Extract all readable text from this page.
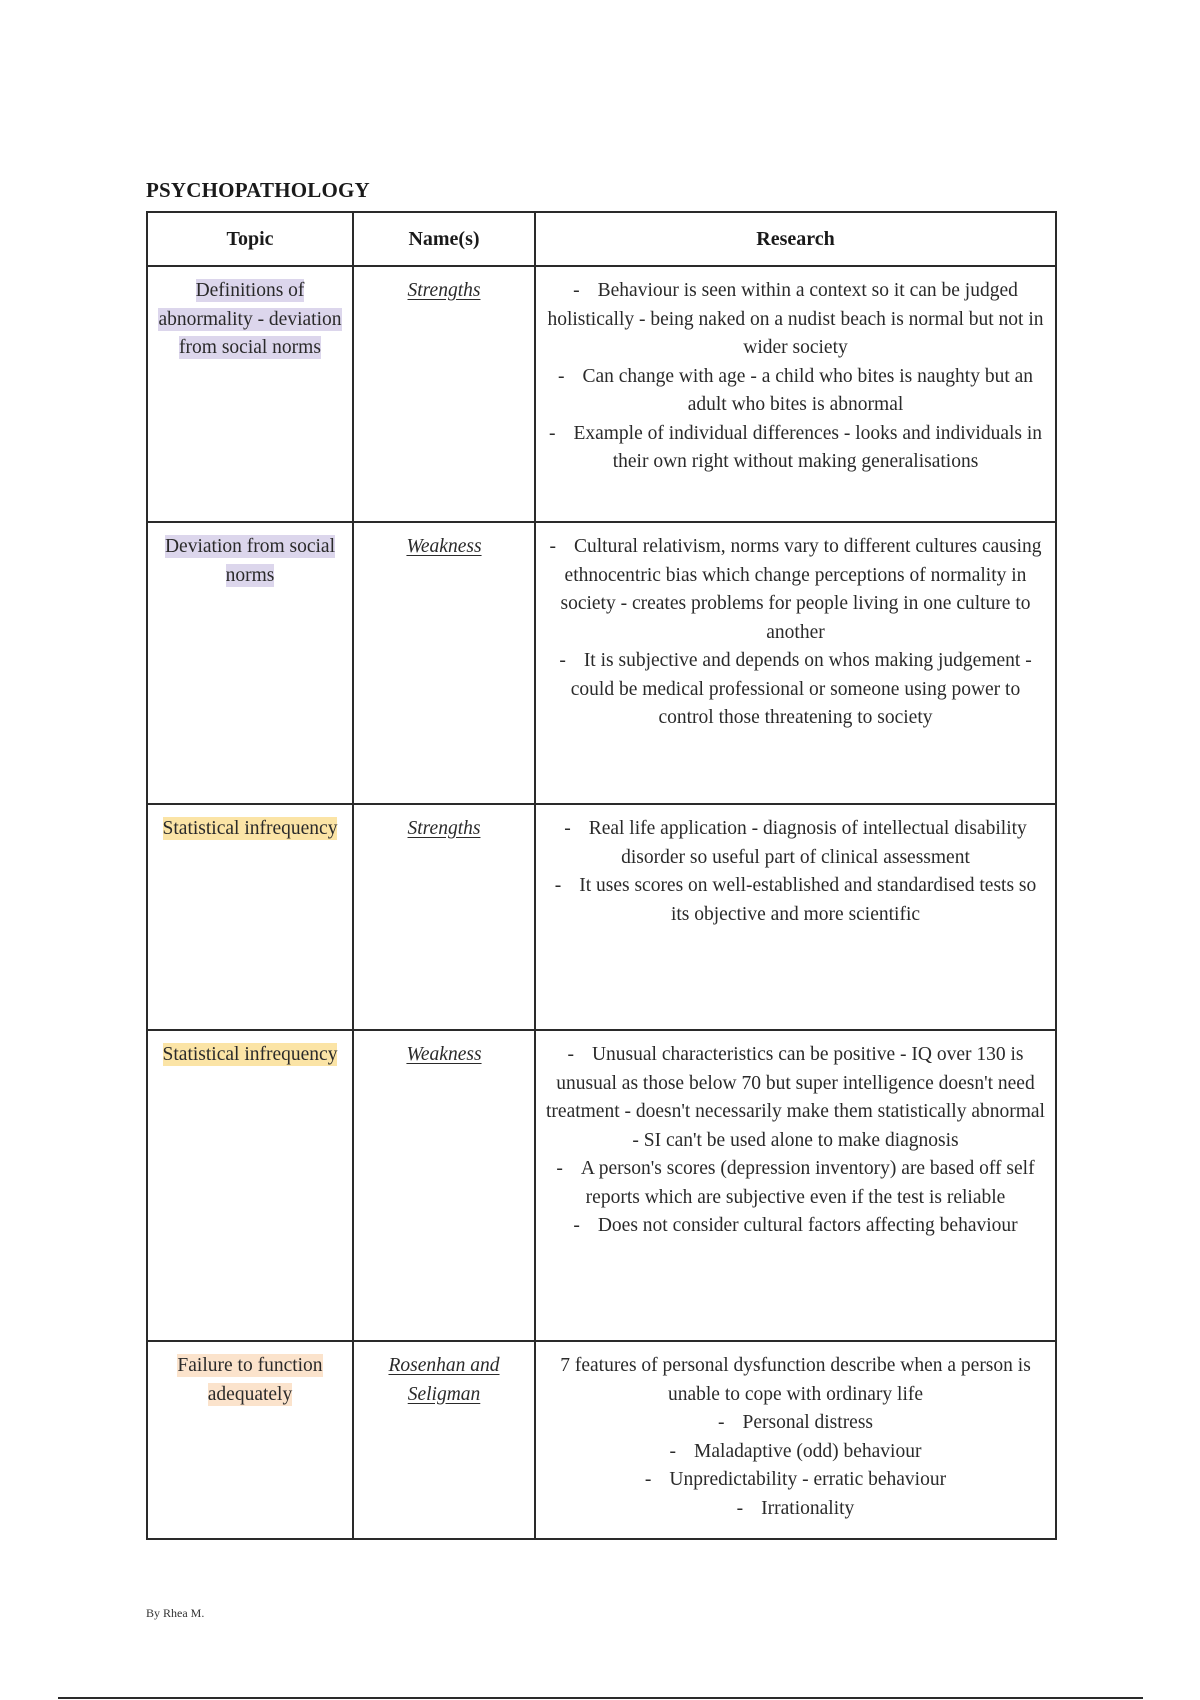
PSYCHOPATHOLOGY
Topic	Name(s)	Research
Definitions of abnormality - deviation from social norms	Strengths	- Behaviour is seen within a context so it can be judged holistically - being naked on a nudist beach is normal but not in wider society
- Can change with age - a child who bites is naughty but an adult who bites is abnormal
- Example of individual differences - looks and individuals in their own right without making generalisations

Deviation from social norms	Weakness	- Cultural relativism, norms vary to different cultures causing ethnocentric bias which change perceptions of normality in society - creates problems for people living in one culture to another
- It is subjective and depends on whos making judgement - could be medical professional or someone using power to control those threatening to society

Statistical infrequency	Strengths	- Real life application - diagnosis of intellectual disability disorder so useful part of clinical assessment
- It uses scores on well-established and standardised tests so its objective and more scientific

Statistical infrequency	Weakness	- Unusual characteristics can be positive - IQ over 130 is unusual as those below 70 but super intelligence doesn't need treatment - doesn't necessarily make them statistically abnormal - SI can't be used alone to make diagnosis
- A person's scores (depression inventory) are based off self reports which are subjective even if the test is reliable
- Does not consider cultural factors affecting behaviour

Failure to function adequately	Rosenhan and Seligman	7 features of personal dysfunction describe when a person is unable to cope with ordinary life
- Personal distress
- Maladaptive (odd) behaviour
- Unpredictability - erratic behaviour
- Irrationality
By Rhea M.
